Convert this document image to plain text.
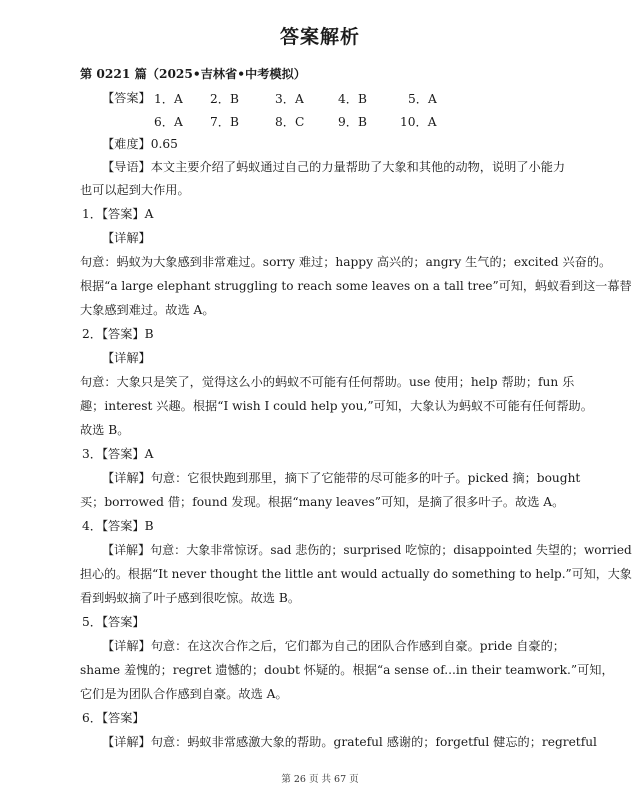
答案解析
第 0221 篇（2025•吉林省•中考模拟）
【答案】 1．A 2．B	3．A	4．B	5．A
6．A 7．B	8．C	9．B	10．A
【难度】0.65
【导语】本文主要介绍了蚂蚁通过自己的力量帮助了大象和其他的动物，说明了小能力
也可以起到大作用。
1．【答案】A
【详解】
句意：蚂蚁为大象感到非常难过。sorry 难过；happy 高兴的；angry 生气的；excited 兴奋的。
根据“a large elephant struggling to reach some leaves on a tall tree”可知，蚂蚁看到这一幕替
大象感到难过。故选 A。
2．【答案】B
【详解】
句意：大象只是笑了，觉得这么小的蚂蚁不可能有任何帮助。use 使用；help 帮助；fun 乐
趣；interest 兴趣。根据“I wish I could help you,”可知，大象认为蚂蚁不可能有任何帮助。
故选 B。
3．【答案】A
【详解】句意：它很快跑到那里，摘下了它能带的尽可能多的叶子。picked 摘；bought
买；borrowed 借；found 发现。根据“many leaves”可知，是摘了很多叶子。故选 A。
4．【答案】B
【详解】句意：大象非常惊讶。sad 悲伤的；surprised 吃惊的；disappointed 失望的；worried
担心的。根据“It never thought the little ant would actually do something to help.”可知，大象
看到蚂蚁摘了叶子感到很吃惊。故选 B。
5．【答案】
【详解】句意：在这次合作之后，它们都为自己的团队合作感到自豪。pride 自豪的；
shame 羞愧的；regret 遗憾的；doubt 怀疑的。根据“a sense of...in their teamwork.”可知，
它们是为团队合作感到自豪。故选 A。
6．【答案】
【详解】句意：蚂蚁非常感激大象的帮助。grateful 感谢的；forgetful 健忘的；regretful
第 26 页 共 67 页
